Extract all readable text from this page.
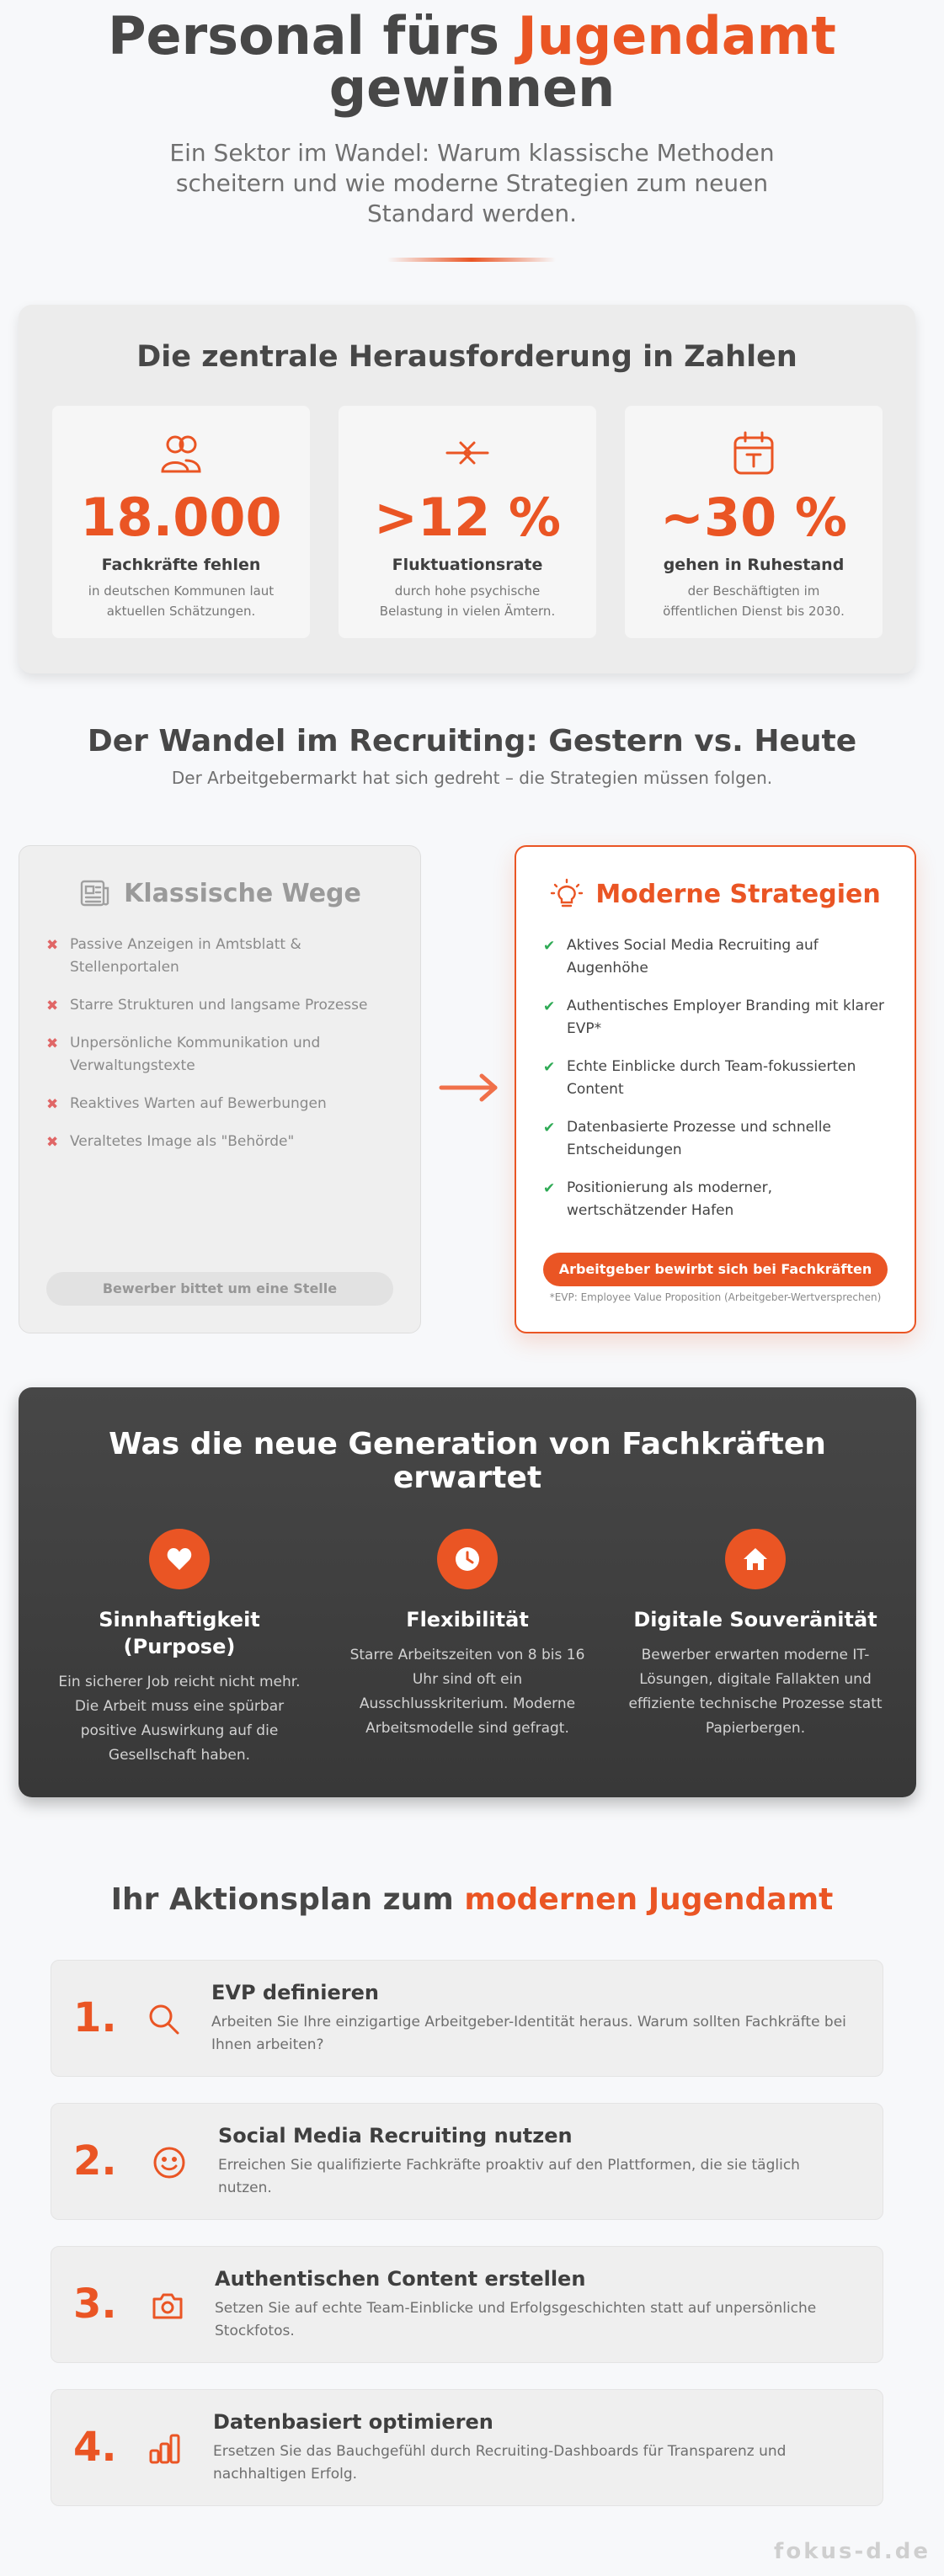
Personal fürs Jugendamt
gewinnen

Ein Sektor im Wandel: Warum klassische Methoden scheitern und wie moderne Strategien zum neuen Standard werden.

Die zentrale Herausforderung in Zahlen
18.000
Fachkräfte fehlen
in deutschen Kommunen laut aktuellen Schätzungen.
>12 %
Fluktuationsrate
durch hohe psychische Belastung in vielen Ämtern.
~30 %
gehen in Ruhestand
der Beschäftigten im öffentlichen Dienst bis 2030.
Der Wandel im Recruiting: Gestern vs. Heute
Der Arbeitgebermarkt hat sich gedreht – die Strategien müssen folgen.
Klassische Wege
✖ Passive Anzeigen in Amtsblatt & Stellenportalen
✖ Starre Strukturen und langsame Prozesse
✖ Unpersönliche Kommunikation und Verwaltungstexte
✖ Reaktives Warten auf Bewerbungen
✖ Veraltetes Image als "Behörde"
Bewerber bittet um eine Stelle
Moderne Strategien
✔ Aktives Social Media Recruiting auf Augenhöhe
✔ Authentisches Employer Branding mit klarer EVP*
✔ Echte Einblicke durch Team-fokussierten Content
✔ Datenbasierte Prozesse und schnelle Entscheidungen
✔ Positionierung als moderner, wertschätzender Hafen
Arbeitgeber bewirbt sich bei Fachkräften
*EVP: Employee Value Proposition (Arbeitgeber-Wertversprechen)
Was die neue Generation von Fachkräften erwartet
Sinnhaftigkeit (Purpose)
Ein sicherer Job reicht nicht mehr. Die Arbeit muss eine spürbar positive Auswirkung auf die Gesellschaft haben.
Flexibilität
Starre Arbeitszeiten von 8 bis 16 Uhr sind oft ein Ausschlusskriterium. Moderne Arbeitsmodelle sind gefragt.
Digitale Souveränität
Bewerber erwarten moderne IT-Lösungen, digitale Fallakten und effiziente technische Prozesse statt Papierbergen.
Ihr Aktionsplan zum modernen Jugendamt
1.
EVP definieren
Arbeiten Sie Ihre einzigartige Arbeitgeber-Identität heraus. Warum sollten Fachkräfte bei Ihnen arbeiten?
2.
Social Media Recruiting nutzen
Erreichen Sie qualifizierte Fachkräfte proaktiv auf den Plattformen, die sie täglich nutzen.
3.
Authentischen Content erstellen
Setzen Sie auf echte Team-Einblicke und Erfolgsgeschichten statt auf unpersönliche Stockfotos.
4.
Datenbasiert optimieren
Ersetzen Sie das Bauchgefühl durch Recruiting-Dashboards für Transparenz und nachhaltigen Erfolg.
fokus-d.de
